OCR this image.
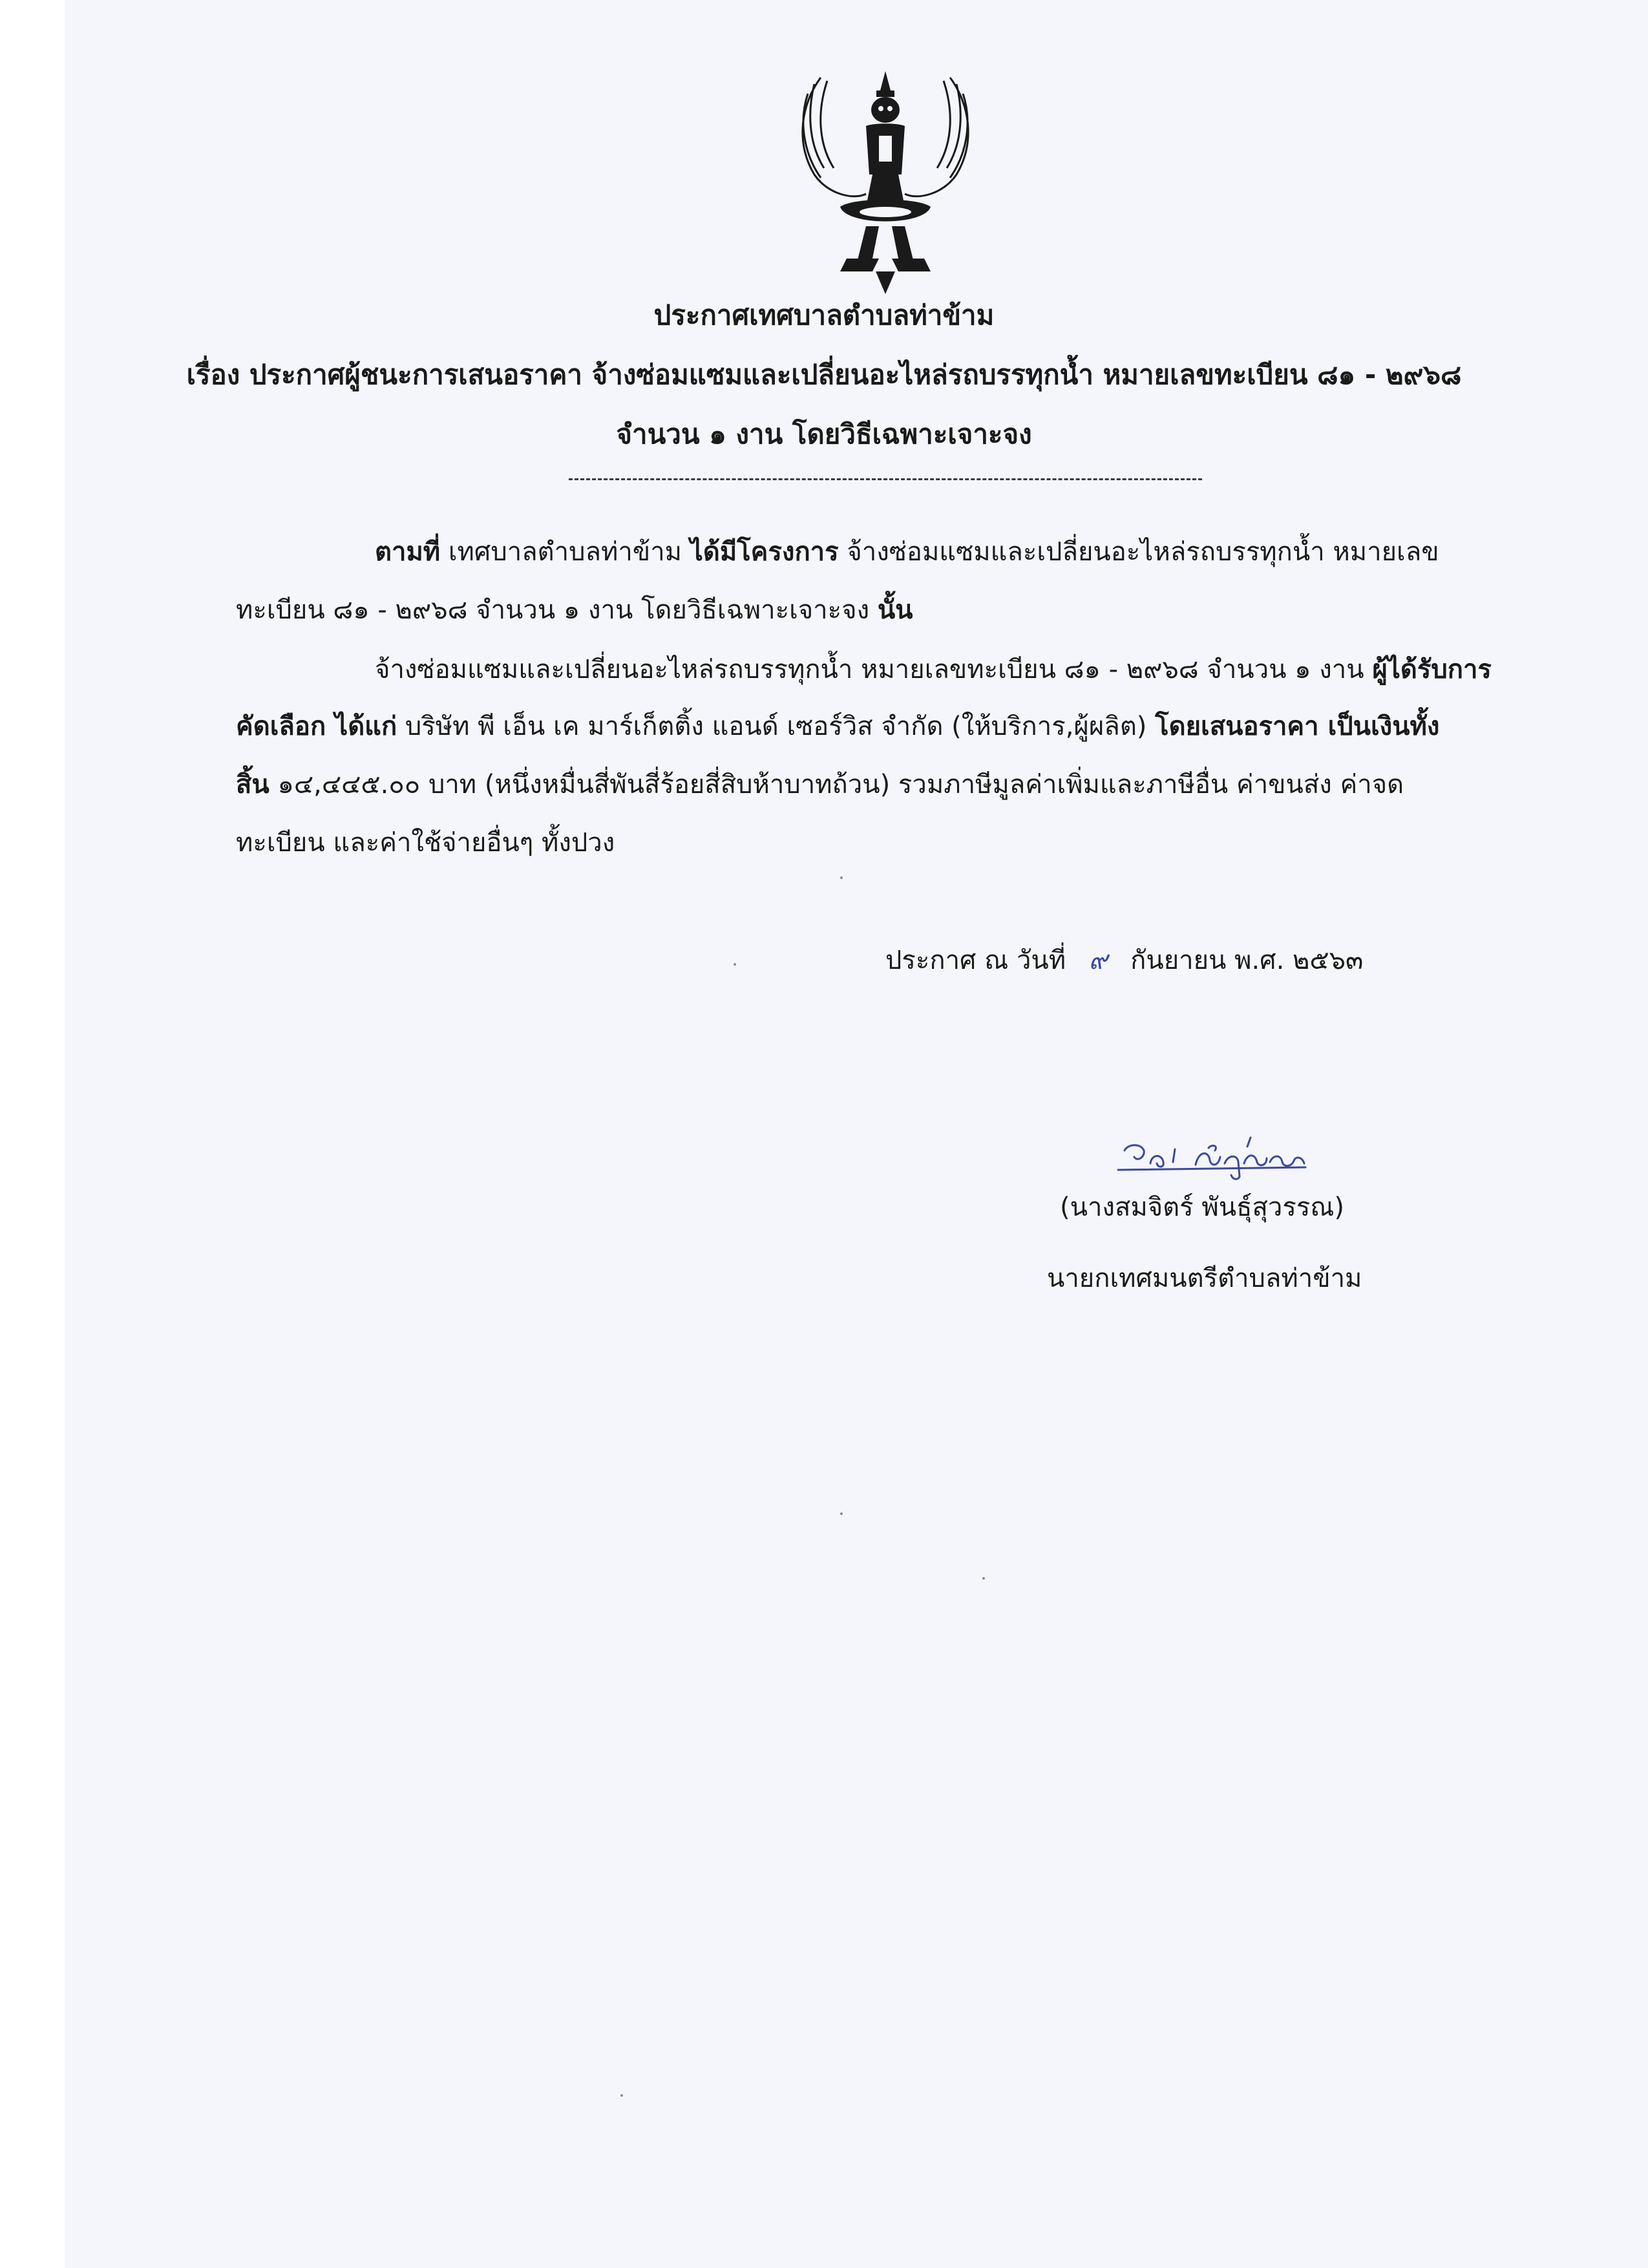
ประกาศเทศบาลตำบลท่าข้าม
เรื่อง ประกาศผู้ชนะการเสนอราคา จ้างซ่อมแซมและเปลี่ยนอะไหล่รถบรรทุกน้ำ หมายเลขทะเบียน ๘๑ - ๒๙๖๘
จำนวน ๑ งาน โดยวิธีเฉพาะเจาะจง
ตามที่ เทศบาลตำบลท่าข้าม ได้มีโครงการ จ้างซ่อมแซมและเปลี่ยนอะไหล่รถบรรทุกน้ำ หมายเลข
ทะเบียน ๘๑ - ๒๙๖๘ จำนวน ๑ งาน โดยวิธีเฉพาะเจาะจง นั้น
จ้างซ่อมแซมและเปลี่ยนอะไหล่รถบรรทุกน้ำ หมายเลขทะเบียน ๘๑ - ๒๙๖๘ จำนวน ๑ งาน ผู้ได้รับการ
คัดเลือก ได้แก่ บริษัท พี เอ็น เค มาร์เก็ตติ้ง แอนด์ เซอร์วิส จำกัด (ให้บริการ,ผู้ผลิต) โดยเสนอราคา เป็นเงินทั้ง
สิ้น ๑๔,๔๔๕.๐๐ บาท (หนึ่งหมื่นสี่พันสี่ร้อยสี่สิบห้าบาทถ้วน) รวมภาษีมูลค่าเพิ่มและภาษีอื่น ค่าขนส่ง ค่าจด
ทะเบียน และค่าใช้จ่ายอื่นๆ ทั้งปวง
ประกาศ ณ วันที่ ๙ กันยายน พ.ศ. ๒๕๖๓
(นางสมจิตร์ พันธุ์สุวรรณ)
นายกเทศมนตรีตำบลท่าข้าม
